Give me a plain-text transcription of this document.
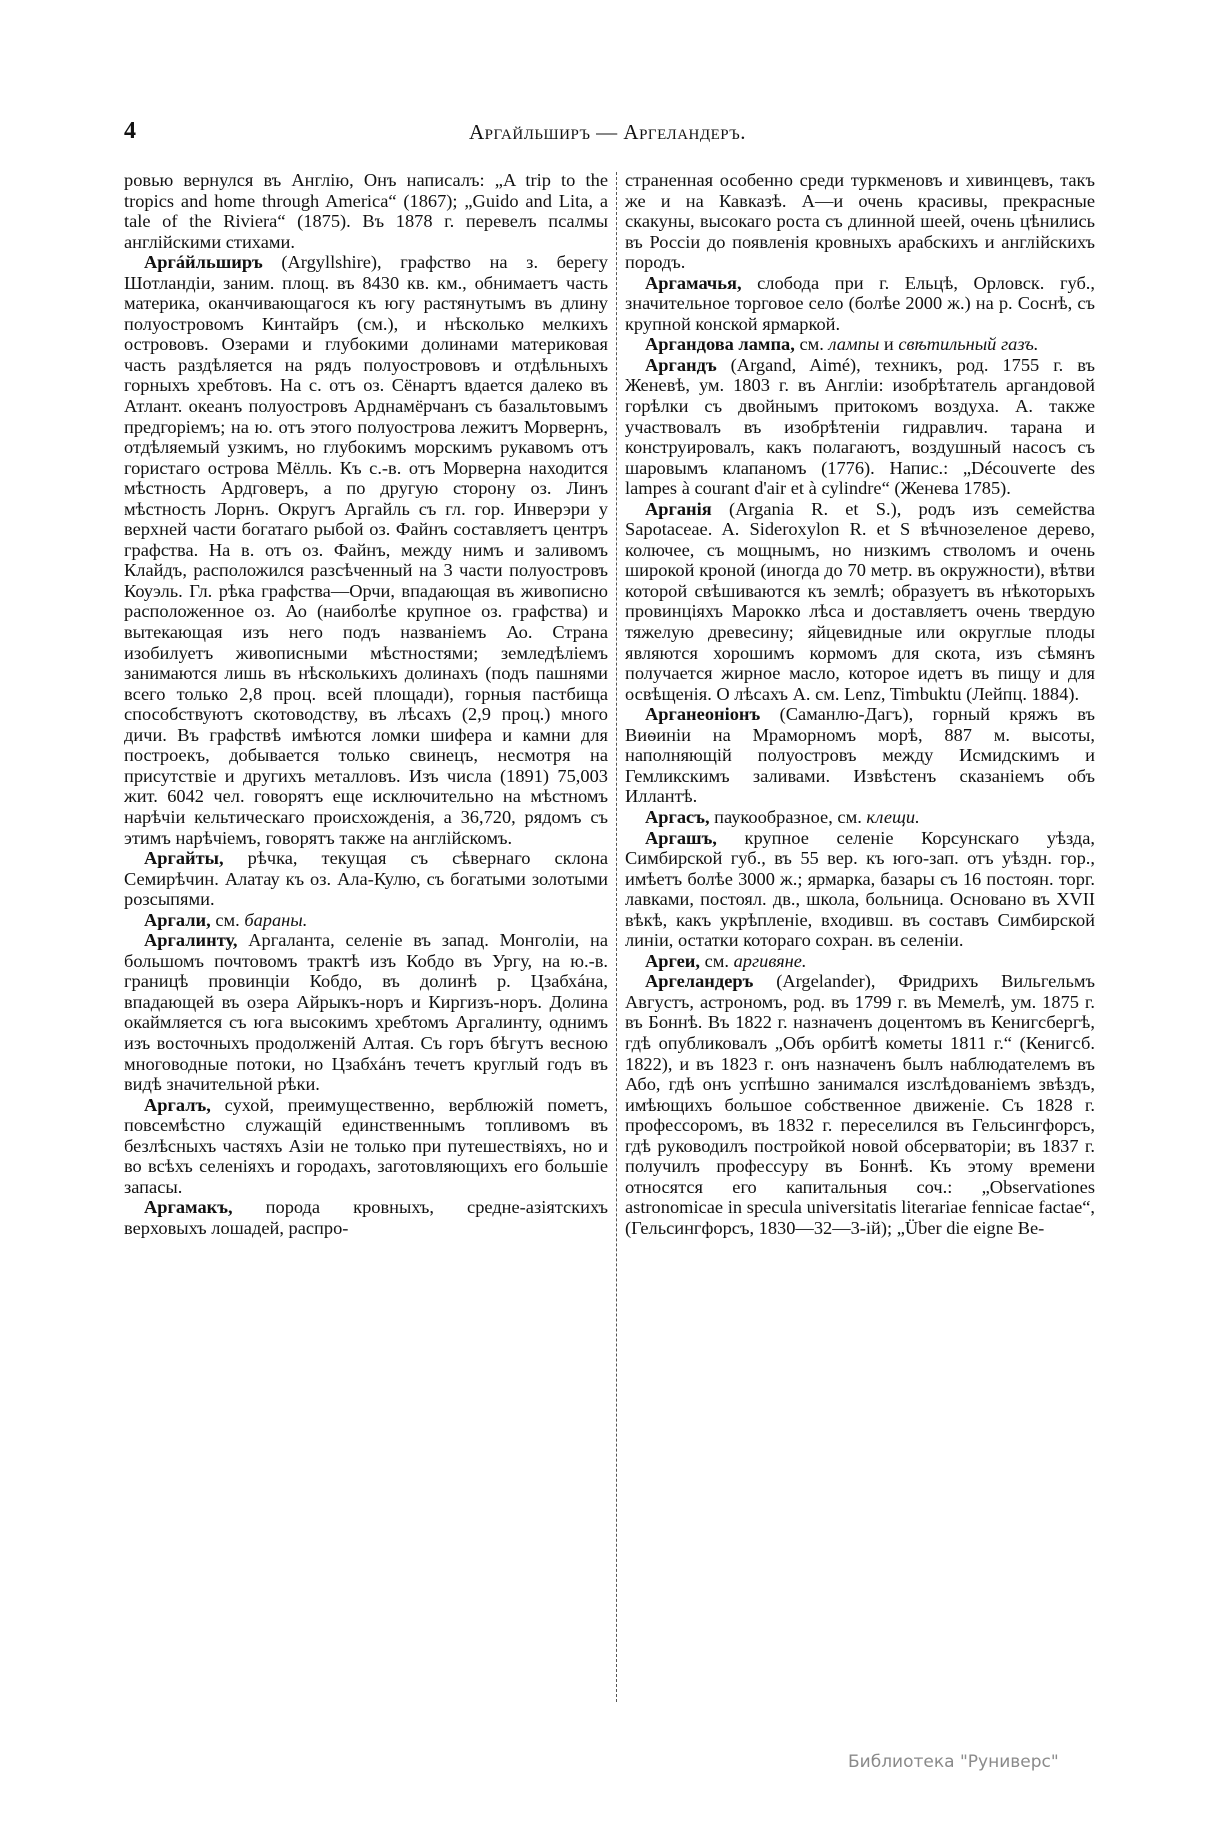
4	Аргайльширъ — Аргеландеръ.

ровью вернулся въ Англію, Онъ написалъ: „A trip to the tropics and home through America“ (1867); „Guido and Lita, a tale of the Riviera“ (1875). Въ 1878 г. перевелъ псалмы англійскими стихами.

Аргáйльширъ (Argyllshire), графство на з. берегу Шотландіи, заним. площ. въ 8430 кв. км., обнимаетъ часть материка, оканчивающагося къ югу растянутымъ въ длину полуостровомъ Кинтайръ (см.), и нѣсколько мелкихъ острововъ. Озерами и глубокими долинами материковая часть раздѣляется на рядъ полуострововъ и отдѣльныхъ горныхъ хребтовъ. На с. отъ оз. Сёнартъ вдается далеко въ Атлант. океанъ полуостровъ Арднамёрчанъ съ базальтовымъ предгоріемъ; на ю. отъ этого полуострова лежитъ Морвернъ, отдѣляемый узкимъ, но глубокимъ морскимъ рукавомъ отъ гористаго острова Мёлль. Къ с.-в. отъ Морверна находится мѣстность Ардговеръ, а по другую сторону оз. Линъ мѣстность Лорнъ. Округъ Аргайль съ гл. гор. Инверэри у верхней части богатаго рыбой оз. Файнъ составляетъ центръ графства. На в. отъ оз. Файнъ, между нимъ и заливомъ Клайдъ, расположился разсѣченный на 3 части полуостровъ Коуэль. Гл. рѣка графства—Орчи, впадающая въ живописно расположенное оз. Ао (наиболѣе крупное оз. графства) и вытекающая изъ него подъ названіемъ Ао. Страна изобилуетъ живописными мѣстностями; земледѣліемъ занимаются лишь въ нѣсколькихъ долинахъ (подъ пашнями всего только 2,8 проц. всей площади), горныя пастбища способствуютъ скотоводству, въ лѣсахъ (2,9 проц.) много дичи. Въ графствѣ имѣются ломки шифера и камни для построекъ, добывается только свинецъ, несмотря на присутствіе и другихъ металловъ. Изъ числа (1891) 75,003 жит. 6042 чел. говорятъ еще исключительно на мѣстномъ нарѣчіи кельтическаго происхожденія, а 36,720, рядомъ съ этимъ нарѣчіемъ, говорятъ также на англійскомъ.

Аргайты, рѣчка, текущая съ сѣвернаго склона Семирѣчин. Алатау къ оз. Ала-Кулю, съ богатыми золотыми розсыпями.

Аргали, см. бараны.

Аргалинту, Аргаланта, селеніе въ запад. Монголіи, на большомъ почтовомъ трактѣ изъ Кобдо въ Ургу, на ю.-в. границѣ провинціи Кобдо, въ долинѣ р. Цзабхáна, впадающей въ озера Айрыкъ-норъ и Киргизъ-норъ. Долина окаймляется съ юга высокимъ хребтомъ Аргалинту, однимъ изъ восточныхъ продолженій Алтая. Съ горъ бѣгутъ весною многоводные потоки, но Цзабхáнъ течетъ круглый годъ въ видѣ значительной рѣки.

Аргалъ, сухой, преимущественно, верблюжій пометъ, повсемѣстно служащій единственнымъ топливомъ въ безлѣсныхъ частяхъ Азіи не только при путешествіяхъ, но и во всѣхъ селеніяхъ и городахъ, заготовляющихъ его большіе запасы.

Аргамакъ, порода кровныхъ, средне-азіятскихъ верховыхъ лошадей, распро-

страненная особенно среди туркменовъ и хивинцевъ, такъ же и на Кавказѣ. А—и очень красивы, прекрасные скакуны, высокаго роста съ длинной шеей, очень цѣнились въ Россіи до появленія кровныхъ арабскихъ и англійскихъ породъ.

Аргамачья, слобода при г. Ельцѣ, Орловск. губ., значительное торговое село (болѣе 2000 ж.) на р. Соснѣ, съ крупной конской ярмаркой.

Аргандова лампа, см. лампы и свѣтильный газъ.

Аргандъ (Argand, Aimé), техникъ, род. 1755 г. въ Женевѣ, ум. 1803 г. въ Англіи: изобрѣтатель аргандовой горѣлки съ двойнымъ притокомъ воздуха. А. также участвовалъ въ изобрѣтеніи гидравлич. тарана и конструировалъ, какъ полагаютъ, воздушный насосъ съ шаровымъ клапаномъ (1776). Напис.: „Découverte des lampes à courant d'air et à cylindre“ (Женева 1785).

Арганія (Argania R. et S.), родъ изъ семейства Sapotaceae. A. Sideroxylon R. et S вѣчнозеленое дерево, колючее, съ мощнымъ, но низкимъ стволомъ и очень широкой кроной (иногда до 70 метр. въ окружности), вѣтви которой свѣшиваются къ землѣ; образуетъ въ нѣкоторыхъ провинціяхъ Марокко лѣса и доставляетъ очень твердую тяжелую древесину; яйцевидные или округлые плоды являются хорошимъ кормомъ для скота, изъ сѣмянъ получается жирное масло, которое идетъ въ пищу и для освѣщенія. О лѣсахъ А. см. Lenz, Timbuktu (Лейпц. 1884).

Арганеоніонъ (Саманлю-Дагъ), горный кряжъ въ Виѳиніи на Мраморномъ морѣ, 887 м. высоты, наполняющій полуостровъ между Исмидскимъ и Гемликскимъ заливами. Извѣстенъ сказаніемъ объ Иллантѣ.

Аргасъ, паукообразное, см. клещи.

Аргашъ, крупное селеніе Корсунскаго уѣзда, Симбирской губ., въ 55 вер. къ юго-зап. отъ уѣздн. гор., имѣетъ болѣе 3000 ж.; ярмарка, базары съ 16 постоян. торг. лавками, постоял. дв., школа, больница. Основано въ XVII вѣкѣ, какъ укрѣпленіе, входивш. въ составъ Симбирской линіи, остатки котораго сохран. въ селеніи.

Аргеи, см. аргивяне.

Аргеландеръ (Argelander), Фридрихъ Вильгельмъ Августъ, астрономъ, род. въ 1799 г. въ Мемелѣ, ум. 1875 г. въ Боннѣ. Въ 1822 г. назначенъ доцентомъ въ Кенигсбергѣ, гдѣ опубликовалъ „Объ орбитѣ кометы 1811 г.“ (Кенигсб. 1822), и въ 1823 г. онъ назначенъ былъ наблюдателемъ въ Або, гдѣ онъ успѣшно занимался изслѣдованіемъ звѣздъ, имѣющихъ большое собственное движеніе. Съ 1828 г. профессоромъ, въ 1832 г. переселился въ Гельсингфорсъ, гдѣ руководилъ постройкой новой обсерваторіи; въ 1837 г. получилъ профессуру въ Боннѣ. Къ этому времени относятся его капитальныя соч.: „Observationes astronomicae in specula universitatis literariae fennicae factae“, (Гельсингфорсъ, 1830—32—3-ій); „Über die eigne Be-

Библиотека "Руниверс"
